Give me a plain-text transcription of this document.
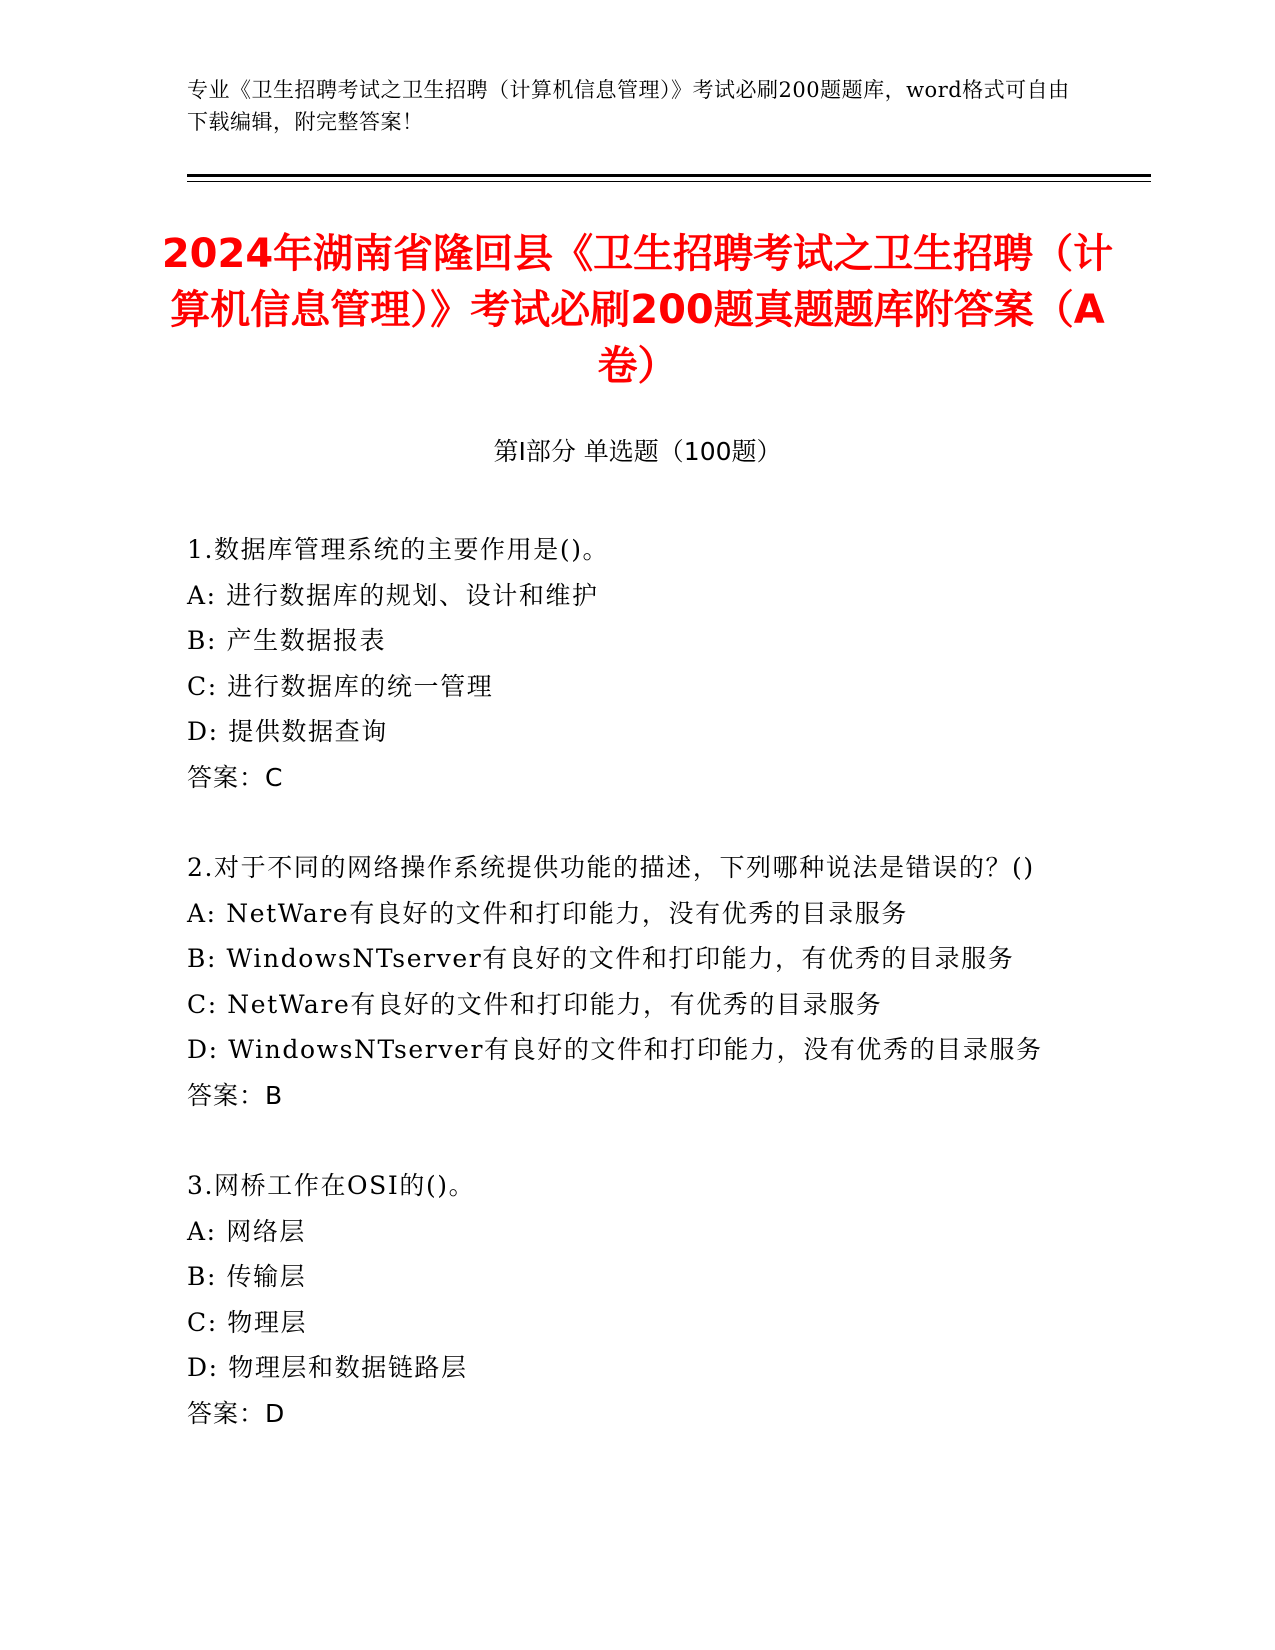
专业《卫生招聘考试之卫生招聘（计算机信息管理）》考试必刷200题题库，word格式可自由下载编辑，附完整答案！
2024年湖南省隆回县《卫生招聘考试之卫生招聘（计算机信息管理）》考试必刷200题真题题库附答案（A卷）
第I部分 单选题（100题）
1.数据库管理系统的主要作用是()。
A: 进行数据库的规划、设计和维护
B: 产生数据报表
C: 进行数据库的统一管理
D: 提供数据查询
答案：C
2.对于不同的网络操作系统提供功能的描述，下列哪种说法是错误的？()
A: NetWare有良好的文件和打印能力，没有优秀的目录服务
B: WindowsNTserver有良好的文件和打印能力，有优秀的目录服务
C: NetWare有良好的文件和打印能力，有优秀的目录服务
D: WindowsNTserver有良好的文件和打印能力，没有优秀的目录服务
答案：B
3.网桥工作在OSI的()。
A: 网络层
B: 传输层
C: 物理层
D: 物理层和数据链路层
答案：D
